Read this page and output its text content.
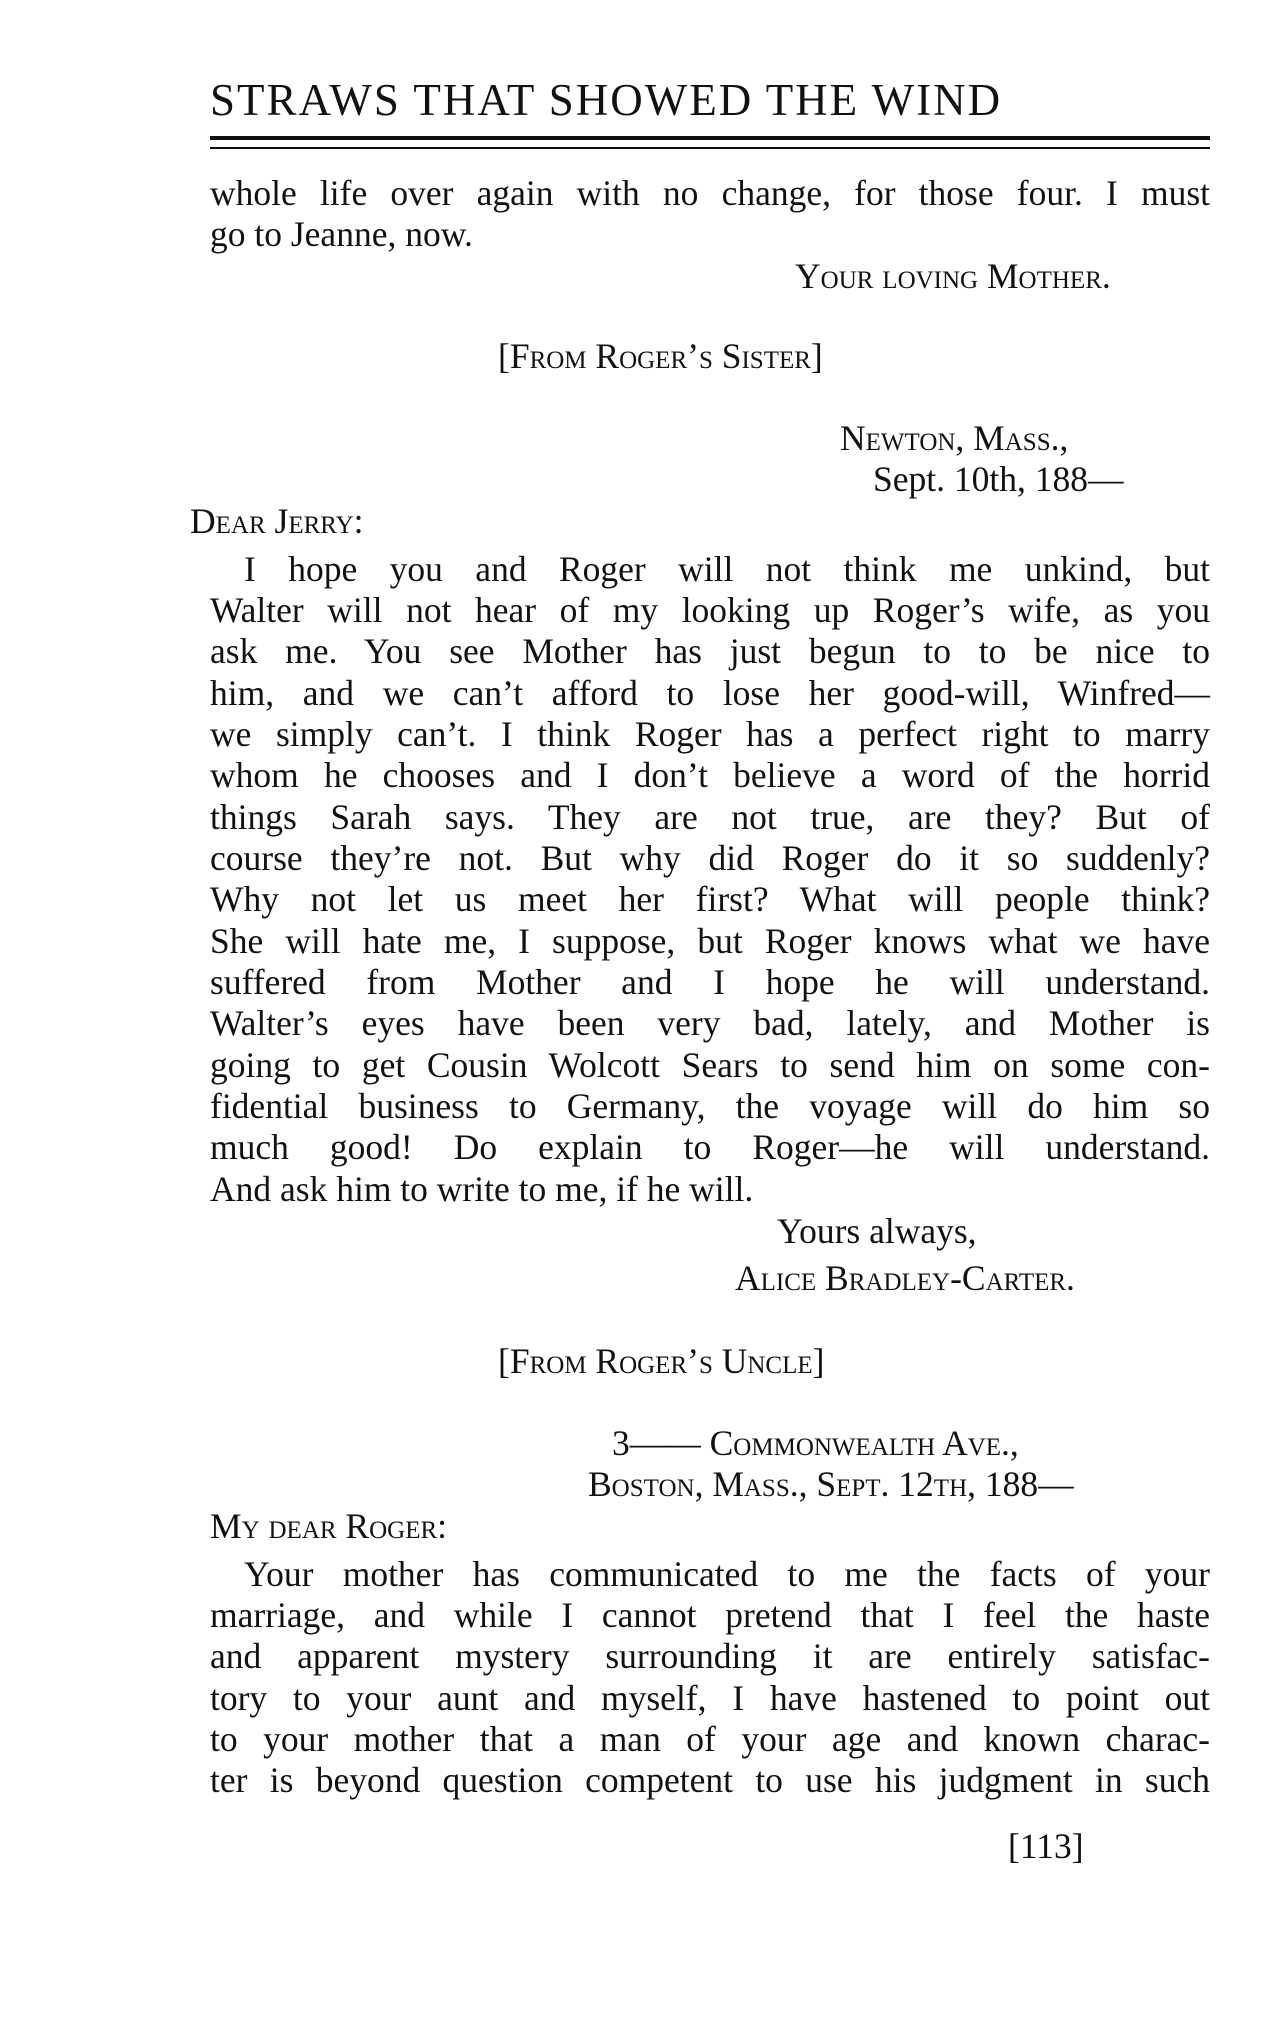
STRAWS THAT SHOWED THE WIND
whole life over again with no change, for those four. I must
go to Jeanne, now.
Your loving Mother.
[From Roger’s Sister]
Newton, Mass.,
Sept. 10th, 188—
Dear Jerry:
I hope you and Roger will not think me unkind, but
Walter will not hear of my looking up Roger’s wife, as you
ask me. You see Mother has just begun to to be nice to
him, and we can’t afford to lose her good-will, Winfred—
we simply can’t. I think Roger has a perfect right to marry
whom he chooses and I don’t believe a word of the horrid
things Sarah says. They are not true, are they? But of
course they’re not. But why did Roger do it so suddenly?
Why not let us meet her first? What will people think?
She will hate me, I suppose, but Roger knows what we have
suffered from Mother and I hope he will understand.
Walter’s eyes have been very bad, lately, and Mother is
going to get Cousin Wolcott Sears to send him on some con-
fidential business to Germany, the voyage will do him so
much good! Do explain to Roger—he will understand.
And ask him to write to me, if he will.
Yours always,
Alice Bradley-Carter.
[From Roger’s Uncle]
3—— Commonwealth Ave.,
Boston, Mass., Sept. 12th, 188—
My dear Roger:
Your mother has communicated to me the facts of your
marriage, and while I cannot pretend that I feel the haste
and apparent mystery surrounding it are entirely satisfac-
tory to your aunt and myself, I have hastened to point out
to your mother that a man of your age and known charac-
ter is beyond question competent to use his judgment in such
[113]
